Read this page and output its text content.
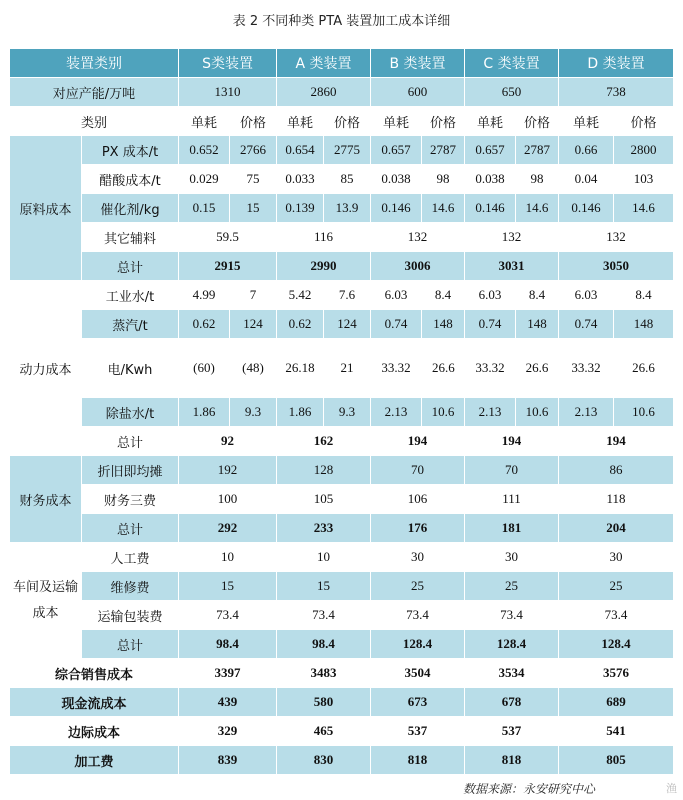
表 2 不同种类 PTA 装置加工成本详细
装置类别		S类装置		A 类装置		B 类装置		C 类装置		D 类装置	
对应产能/万吨		1310		2860		600		650		738	
类别		单耗	价格	单耗	价格	单耗	价格	单耗	价格	单耗	价格
原料成本	PX 成本/t	0.652	2766	0.654	2775	0.657	2787	0.657	2787	0.66	2800
	醋酸成本/t	0.029	75	0.033	85	0.038	98	0.038	98	0.04	103
	催化剂/kg	0.15	15	0.139	13.9	0.146	14.6	0.146	14.6	0.146	14.6
	其它辅料	59.5		116		132		132		132	
	总计	2915		2990		3006		3031		3050	
动力成本	工业水/t	4.99	7	5.42	7.6	6.03	8.4	6.03	8.4	6.03	8.4
	蒸汽/t	0.62	124	0.62	124	0.74	148	0.74	148	0.74	148
	电/Kwh	(60)	(48)	26.18	21	33.32	26.6	33.32	26.6	33.32	26.6
	除盐水/t	1.86	9.3	1.86	9.3	2.13	10.6	2.13	10.6	2.13	10.6
	总计	92		162		194		194		194	
财务成本	折旧即均摊	192		128		70		70		86	
	财务三费	100		105		106		111		118	
	总计	292		233		176		181		204	
车间及运输成本	人工费	10		10		30		30		30	
	维修费	15		15		25		25		25	
	运输包装费	73.4		73.4		73.4		73.4		73.4	
	总计	98.4		98.4		128.4		128.4		128.4	
综合销售成本		3397		3483		3504		3534		3576	
现金流成本		439		580		673		678		689	
边际成本		329		465		537		537		541	
加工费		839		830		818		818		805	
数据来源：永安研究中心	渔
